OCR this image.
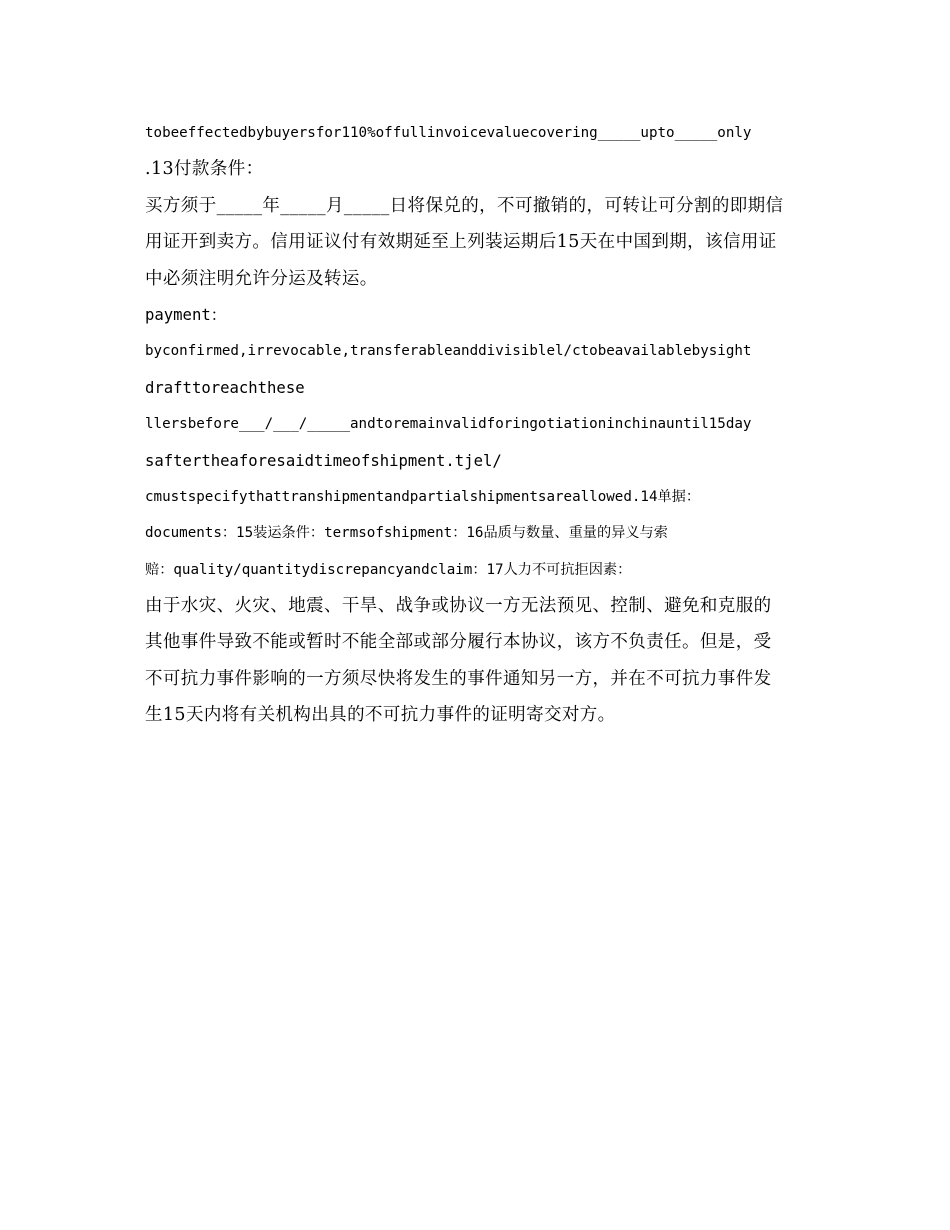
tobeeffectedbybuyersfor110%offullinvoicevaluecovering_____upto_____only
.13付款条件：
买方须于_____年_____月_____日将保兑的，不可撤销的，可转让可分割的即期信
用证开到卖方。信用证议付有效期延至上列装运期后15天在中国到期，该信用证
中必须注明允许分运及转运。
payment：
byconfirmed,irrevocable,transferableanddivisiblel/ctobeavailablebysight
drafttoreachthese
llersbefore___/___/_____andtoremainvalidforingotiationinchinauntil15day
saftertheaforesaidtimeofshipment.tjel/
cmustspecifythattranshipmentandpartialshipmentsareallowed.14单据：
documents：15装运条件：termsofshipment：16品质与数量、重量的异义与索
赔：quality/quantitydiscrepancyandclaim：17人力不可抗拒因素：
由于水灾、火灾、地震、干旱、战争或协议一方无法预见、控制、避免和克服的
其他事件导致不能或暂时不能全部或部分履行本协议，该方不负责任。但是，受
不可抗力事件影响的一方须尽快将发生的事件通知另一方，并在不可抗力事件发
生15天内将有关机构出具的不可抗力事件的证明寄交对方。
